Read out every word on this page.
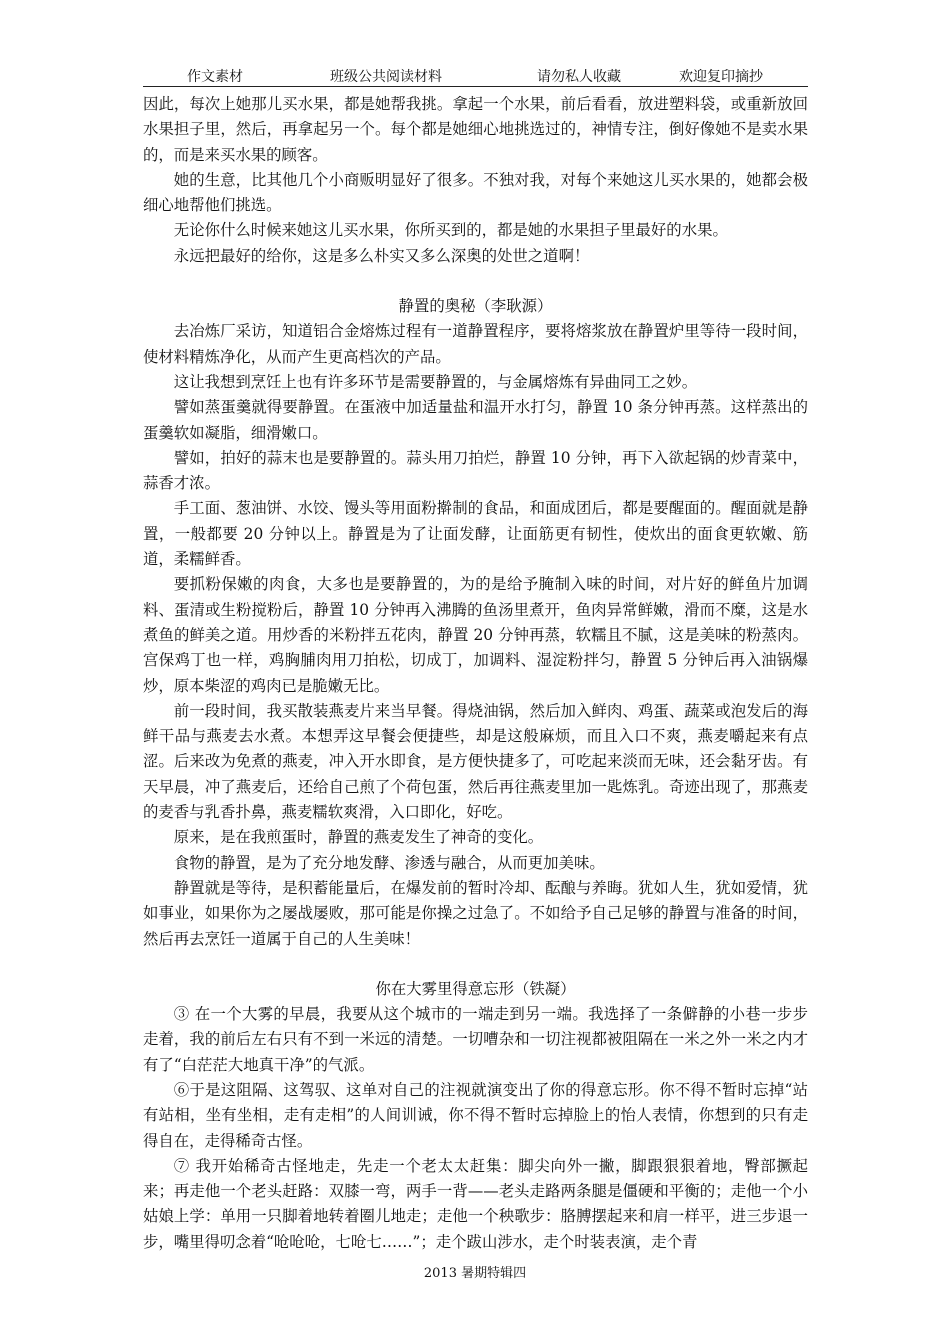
作文素材	班级公共阅读材料	请勿私人收藏	欢迎复印摘抄

因此，每次上她那儿买水果，都是她帮我挑。拿起一个水果，前后看看，放进塑料袋，或重新放回水果担子里，然后，再拿起另一个。每个都是她细心地挑选过的，神情专注，倒好像她不是卖水果的，而是来买水果的顾客。

她的生意，比其他几个小商贩明显好了很多。不独对我，对每个来她这儿买水果的，她都会极细心地帮他们挑选。

无论你什么时候来她这儿买水果，你所买到的，都是她的水果担子里最好的水果。

永远把最好的给你，这是多么朴实又多么深奥的处世之道啊！

静置的奥秘（李耿源）

去冶炼厂采访，知道铝合金熔炼过程有一道静置程序，要将熔浆放在静置炉里等待一段时间，使材料精炼净化，从而产生更高档次的产品。

这让我想到烹饪上也有许多环节是需要静置的，与金属熔炼有异曲同工之妙。

譬如蒸蛋羹就得要静置。在蛋液中加适量盐和温开水打匀，静置 10 条分钟再蒸。这样蒸出的蛋羹软如凝脂，细滑嫩口。

譬如，拍好的蒜末也是要静置的。蒜头用刀拍烂，静置 10 分钟，再下入欲起锅的炒青菜中，蒜香才浓。

手工面、葱油饼、水饺、馒头等用面粉擀制的食品，和面成团后，都是要醒面的。醒面就是静置，一般都要 20 分钟以上。静置是为了让面发酵，让面筋更有韧性，使炊出的面食更软嫩、筋道，柔糯鲜香。

要抓粉保嫩的肉食，大多也是要静置的，为的是给予腌制入味的时间，对片好的鲜鱼片加调料、蛋清或生粉搅粉后，静置 10 分钟再入沸腾的鱼汤里煮开，鱼肉异常鲜嫩，滑而不糜，这是水煮鱼的鲜美之道。用炒香的米粉拌五花肉，静置 20 分钟再蒸，软糯且不腻，这是美味的粉蒸肉。宫保鸡丁也一样，鸡胸脯肉用刀拍松，切成丁，加调料、湿淀粉拌匀，静置 5 分钟后再入油锅爆炒，原本柴涩的鸡肉已是脆嫩无比。

前一段时间，我买散装燕麦片来当早餐。得烧油锅，然后加入鲜肉、鸡蛋、蔬菜或泡发后的海鲜干品与燕麦去水煮。本想弄这早餐会便捷些，却是这般麻烦，而且入口不爽，燕麦嚼起来有点涩。后来改为免煮的燕麦，冲入开水即食，是方便快捷多了，可吃起来淡而无味，还会黏牙齿。有天早晨，冲了燕麦后，还给自己煎了个荷包蛋，然后再往燕麦里加一匙炼乳。奇迹出现了，那燕麦的麦香与乳香扑鼻，燕麦糯软爽滑，入口即化，好吃。

原来，是在我煎蛋时，静置的燕麦发生了神奇的变化。

食物的静置，是为了充分地发酵、渗透与融合，从而更加美味。

静置就是等待，是积蓄能量后，在爆发前的暂时冷却、酝酿与养晦。犹如人生，犹如爱情，犹如事业，如果你为之屡战屡败，那可能是你操之过急了。不如给予自己足够的静置与准备的时间，然后再去烹饪一道属于自己的人生美味！

你在大雾里得意忘形（铁凝）

③ 在一个大雾的早晨，我要从这个城市的一端走到另一端。我选择了一条僻静的小巷一步步走着，我的前后左右只有不到一米远的清楚。一切嘈杂和一切注视都被阻隔在一米之外一米之内才有了“白茫茫大地真干净”的气派。

⑥于是这阻隔、这驾驭、这单对自己的注视就演变出了你的得意忘形。你不得不暂时忘掉“站有站相，坐有坐相，走有走相”的人间训诫，你不得不暂时忘掉脸上的怡人表情，你想到的只有走得自在，走得稀奇古怪。

⑦ 我开始稀奇古怪地走，先走一个老太太赶集：脚尖向外一撇，脚跟狠狠着地，臀部撅起来；再走他一个老头赶路：双膝一弯，两手一背——老头走路两条腿是僵硬和平衡的；走他一个小姑娘上学：单用一只脚着地转着圈儿地走；走他一个秧歌步：胳膊摆起来和肩一样平，进三步退一步，嘴里得叨念着“呛呛呛，七呛七……”；走个跋山涉水，走个时装表演，走个青

2013 暑期特辑四
